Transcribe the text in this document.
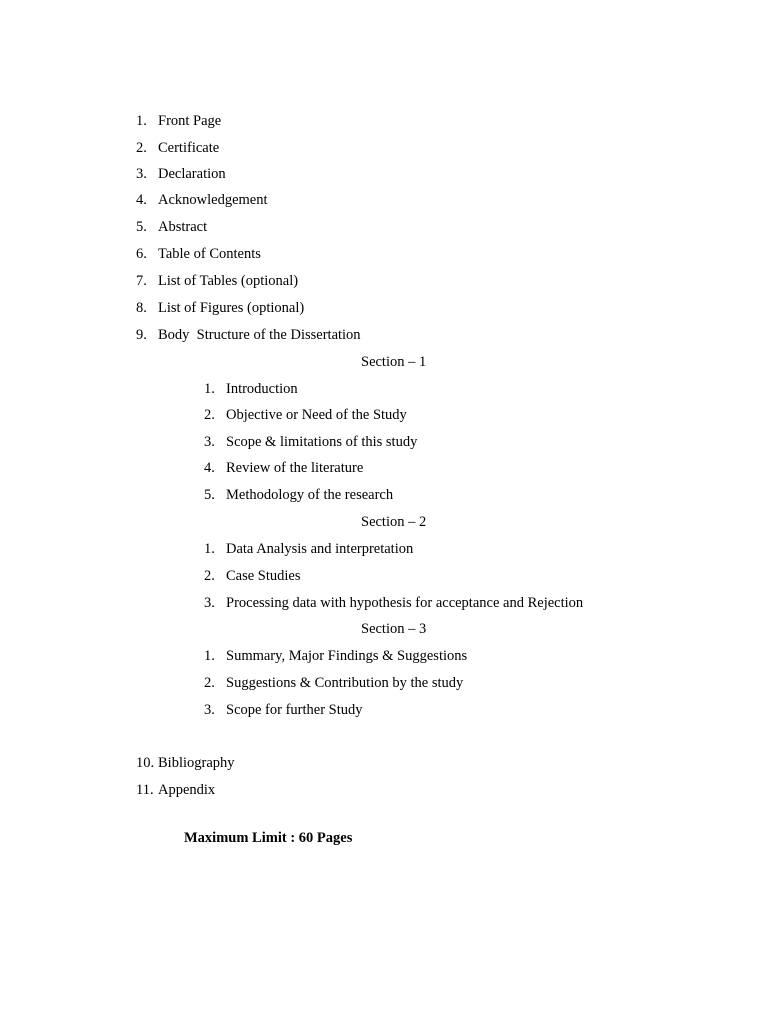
1. Front Page
2. Certificate
3. Declaration
4. Acknowledgement
5. Abstract
6. Table of Contents
7. List of Tables (optional)
8. List of Figures (optional)
9. Body  Structure of the Dissertation
Section – 1
1. Introduction
2. Objective or Need of the Study
3. Scope & limitations of this study
4. Review of the literature
5. Methodology of the research
Section – 2
1. Data Analysis and interpretation
2. Case Studies
3. Processing data with hypothesis for acceptance and Rejection
Section – 3
1. Summary, Major Findings & Suggestions
2. Suggestions & Contribution by the study
3. Scope for further Study
10. Bibliography
11. Appendix
Maximum Limit : 60 Pages
